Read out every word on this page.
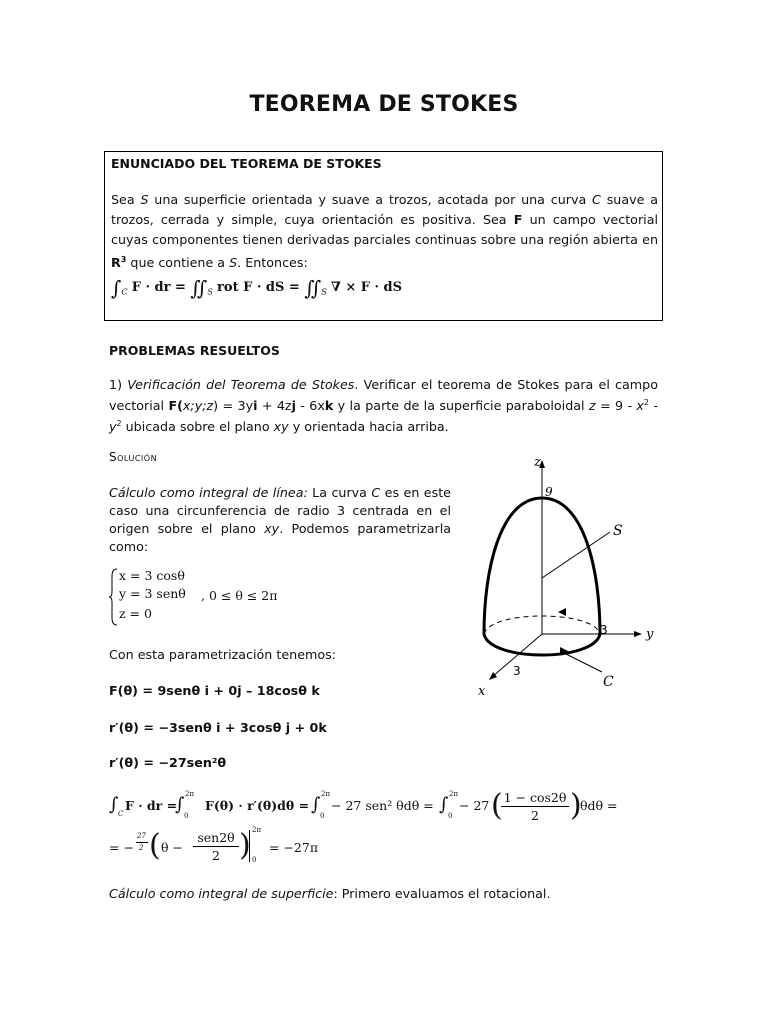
TEOREMA DE STOKES
ENUNCIADO DEL TEOREMA DE STOKES
Sea S una superficie orientada y suave a trozos, acotada por una curva C suave a trozos, cerrada y simple, cuya orientación es positiva. Sea F un campo vectorial cuyas componentes tienen derivadas parciales continuas sobre una región abierta en $R^3$ que contiene a S. Entonces:
$\int_C$ F · dr = $∬_S$ rot F · dS = $∬_S$ ∇ × F · dS
PROBLEMAS RESUELTOS
1) Verificación del Teorema de Stokes. Verificar el teorema de Stokes para el campo vectorial F(x;y;z) = 3yi + 4zj - 6xk y la parte de la superficie paraboloidal $z = 9 - x^2 - y^2$ ubicada sobre el plano xy y orientada hacia arriba.
Solución
Cálculo como integral de línea: La curva C es en este caso una circunferencia de radio 3 centrada en el origen sobre el plano xy. Podemos parametrizarla como:
x = 3 cosθ
y = 3 senθ
z = 0
, 0 ≤ θ ≤ 2π
Con esta parametrización tenemos:
F(θ) = 9senθ i + 0j – 18cosθ k
r′(θ) = −3senθ i + 3cosθ j + 0k
r′(θ) = −27sen²θ
z
9
S
3	y
3
C
x
∫ C
F · dr =
∫ 2π
0
F(θ) · r′(θ)dθ = ∫ 2π
0
− 27 sen² θdθ = ∫ 2π
0
− 27 ( 1 − cos2θ
2	)
θdθ =
= −
27
2 ( θ −
sen2θ
2 ) 2π
0
= −27π
Cálculo como integral de superficie: Primero evaluamos el rotacional.
